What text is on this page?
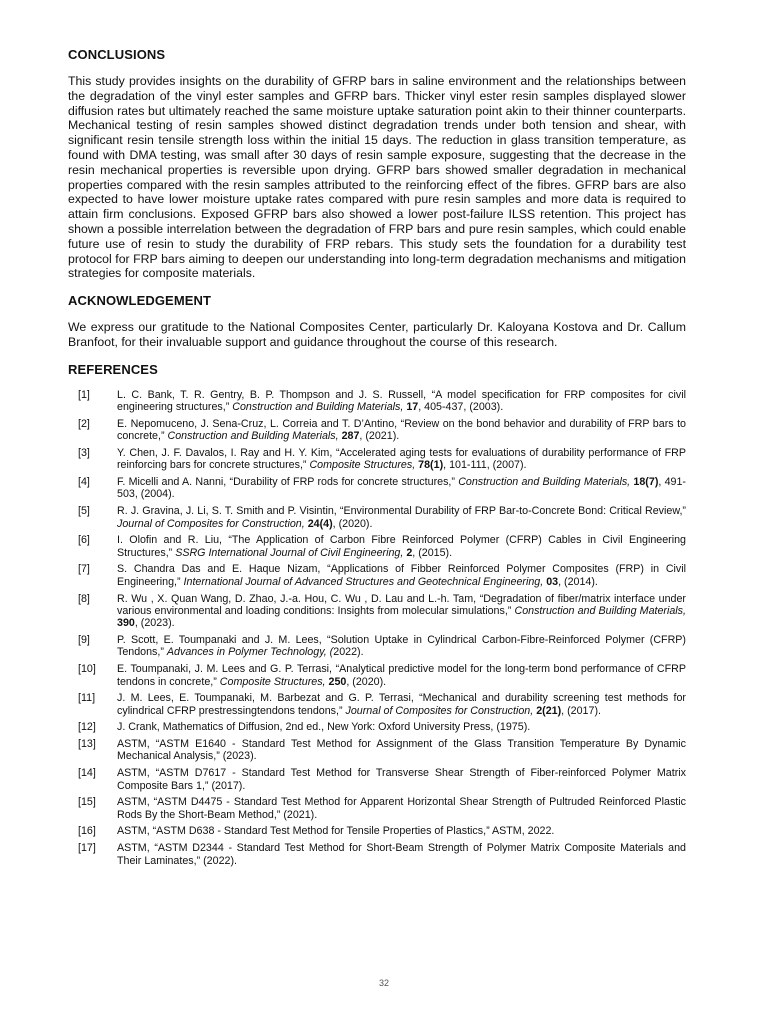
CONCLUSIONS

This study provides insights on the durability of GFRP bars in saline environment and the relationships between the degradation of the vinyl ester samples and GFRP bars. Thicker vinyl ester resin samples displayed slower diffusion rates but ultimately reached the same moisture uptake saturation point akin to their thinner counterparts. Mechanical testing of resin samples showed distinct degradation trends under both tension and shear, with significant resin tensile strength loss within the initial 15 days. The reduction in glass transition temperature, as found with DMA testing, was small after 30 days of resin sample exposure, suggesting that the decrease in the resin mechanical properties is reversible upon drying. GFRP bars showed smaller degradation in mechanical properties compared with the resin samples attributed to the reinforcing effect of the fibres. GFRP bars are also expected to have lower moisture uptake rates compared with pure resin samples and more data is required to attain firm conclusions. Exposed GFRP bars also showed a lower post-failure ILSS retention. This project has shown a possible interrelation between the degradation of FRP bars and pure resin samples, which could enable future use of resin to study the durability of FRP rebars. This study sets the foundation for a durability test protocol for FRP bars aiming to deepen our understanding into long-term degradation mechanisms and mitigation strategies for composite materials.

ACKNOWLEDGEMENT

We express our gratitude to the National Composites Center, particularly Dr. Kaloyana Kostova and Dr. Callum Branfoot, for their invaluable support and guidance throughout the course of this research.

REFERENCES
[1]	L. C. Bank, T. R. Gentry, B. P. Thompson and J. S. Russell, “A model specification for FRP composites for civil engineering structures,” Construction and Building Materials, 17, 405-437, (2003).
[2]	E. Nepomuceno, J. Sena-Cruz, L. Correia and T. D’Antino, “Review on the bond behavior and durability of FRP bars to concrete,” Construction and Building Materials, 287, (2021).
[3]	Y. Chen, J. F. Davalos, I. Ray and H. Y. Kim, “Accelerated aging tests for evaluations of durability performance of FRP reinforcing bars for concrete structures,” Composite Structures, 78(1), 101-111, (2007).
[4]	F. Micelli and A. Nanni, “Durability of FRP rods for concrete structures,” Construction and Building Materials, 18(7), 491-503, (2004).
[5]	R. J. Gravina, J. Li, S. T. Smith and P. Visintin, “Environmental Durability of FRP Bar-to-Concrete Bond: Critical Review,” Journal of Composites for Construction, 24(4), (2020).
[6]	I. Olofin and R. Liu, “The Application of Carbon Fibre Reinforced Polymer (CFRP) Cables in Civil Engineering Structures,” SSRG International Journal of Civil Engineering, 2, (2015).
[7]	S. Chandra Das and E. Haque Nizam, “Applications of Fibber Reinforced Polymer Composites (FRP) in Civil Engineering,” International Journal of Advanced Structures and Geotechnical Engineering, 03, (2014).
[8]	R. Wu , X. Quan Wang, D. Zhao, J.-a. Hou, C. Wu , D. Lau and L.-h. Tam, “Degradation of fiber/matrix interface under various environmental and loading conditions: Insights from molecular simulations,” Construction and Building Materials, 390, (2023).
[9]	P. Scott, E. Toumpanaki and J. M. Lees, “Solution Uptake in Cylindrical Carbon-Fibre-Reinforced Polymer (CFRP) Tendons,” Advances in Polymer Technology, (2022).
[10]	E. Toumpanaki, J. M. Lees and G. P. Terrasi, “Analytical predictive model for the long-term bond performance of CFRP tendons in concrete,” Composite Structures, 250, (2020).
[11]	J. M. Lees, E. Toumpanaki, M. Barbezat and G. P. Terrasi, “Mechanical and durability screening test methods for cylindrical CFRP prestressingtendons tendons,” Journal of Composites for Construction, 2(21), (2017).
[12]	J. Crank, Mathematics of Diffusion, 2nd ed., New York: Oxford University Press, (1975).
[13]	ASTM, “ASTM E1640 - Standard Test Method for Assignment of the Glass Transition Temperature By Dynamic Mechanical Analysis,” (2023).
[14]	ASTM, “ASTM D7617 - Standard Test Method for Transverse Shear Strength of Fiber-reinforced Polymer Matrix Composite Bars 1,” (2017).
[15]	ASTM, “ASTM D4475 - Standard Test Method for Apparent Horizontal Shear Strength of Pultruded Reinforced Plastic Rods By the Short-Beam Method,” (2021).
[16]	ASTM, “ASTM D638 - Standard Test Method for Tensile Properties of Plastics,” ASTM, 2022.
[17]	ASTM, “ASTM D2344 - Standard Test Method for Short-Beam Strength of Polymer Matrix Composite Materials and Their Laminates,” (2022).
32
